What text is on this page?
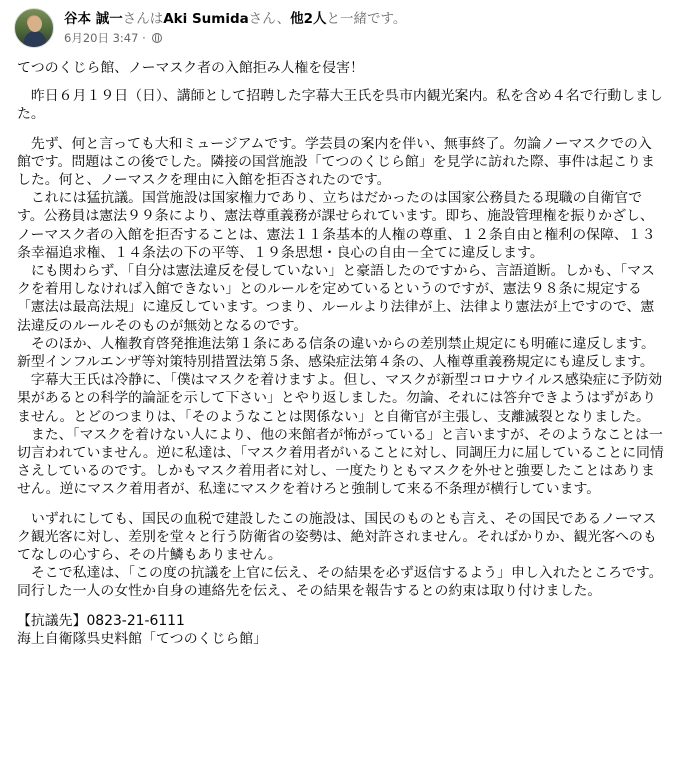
谷本 誠一さんはAki Sumidaさん、他2人と一緒です。
6月20日 3:47 ·

てつのくじら館、ノーマスク者の入館拒み人権を侵害！

　昨日６月１９日（日）、講師として招聘した字幕大王氏を呉市内観光案内。私を含め４名で行動しました。

　先ず、何と言っても大和ミュージアムです。学芸員の案内を伴い、無事終了。勿論ノーマスクでの入館です。問題はこの後でした。隣接の国営施設「てつのくじら館」を見学に訪れた際、事件は起こりました。何と、ノーマスクを理由に入館を拒否されたのです。

　これには猛抗議。国営施設は国家権力であり、立ちはだかったのは国家公務員たる現職の自衛官です。公務員は憲法９９条により、憲法尊重義務が課せられています。即ち、施設管理権を振りかざし、ノーマスク者の入館を拒否することは、憲法１１条基本的人権の尊重、１２条自由と権利の保障、１３条幸福追求権、１４条法の下の平等、１９条思想・良心の自由－全てに違反します。

　にも関わらず、「自分は憲法違反を侵していない」と豪語したのですから、言語道断。しかも、「マスクを着用しなければ入館できない」とのルールを定めているというのですが、憲法９８条に規定する「憲法は最高法規」に違反しています。つまり、ルールより法律が上、法律より憲法が上ですので、憲法違反のルールそのものが無効となるのです。

　そのほか、人権教育啓発推進法第１条にある信条の違いからの差別禁止規定にも明確に違反します。新型インフルエンザ等対策特別措置法第５条、感染症法第４条の、人権尊重義務規定にも違反します。

　字幕大王氏は冷静に、「僕はマスクを着けますよ。但し、マスクが新型コロナウイルス感染症に予防効果があるとの科学的論証を示して下さい」とやり返しました。勿論、それには答弁できようはずがありません。とどのつまりは、「そのようなことは関係ない」と自衛官が主張し、支離滅裂となりました。

　また、「マスクを着けない人により、他の来館者が怖がっている」と言いますが、そのようなことは一切言われていません。逆に私達は、「マスク着用者がいることに対し、同調圧力に屈していることに同情さえしているのです。しかもマスク着用者に対し、一度たりともマスクを外せと強要したことはありません。逆にマスク着用者が、私達にマスクを着けろと強制して来る不条理が横行しています。

　いずれにしても、国民の血税で建設したこの施設は、国民のものとも言え、その国民であるノーマスク観光客に対し、差別を堂々と行う防衛省の姿勢は、絶対許されません。そればかりか、観光客へのもてなしの心すら、その片鱗もありません。

　そこで私達は、「この度の抗議を上官に伝え、その結果を必ず返信するよう」申し入れたところです。同行した一人の女性か自身の連絡先を伝え、その結果を報告するとの約束は取り付けました。

【抗議先】0823-21-6111

海上自衛隊呉史料館「てつのくじら館」
